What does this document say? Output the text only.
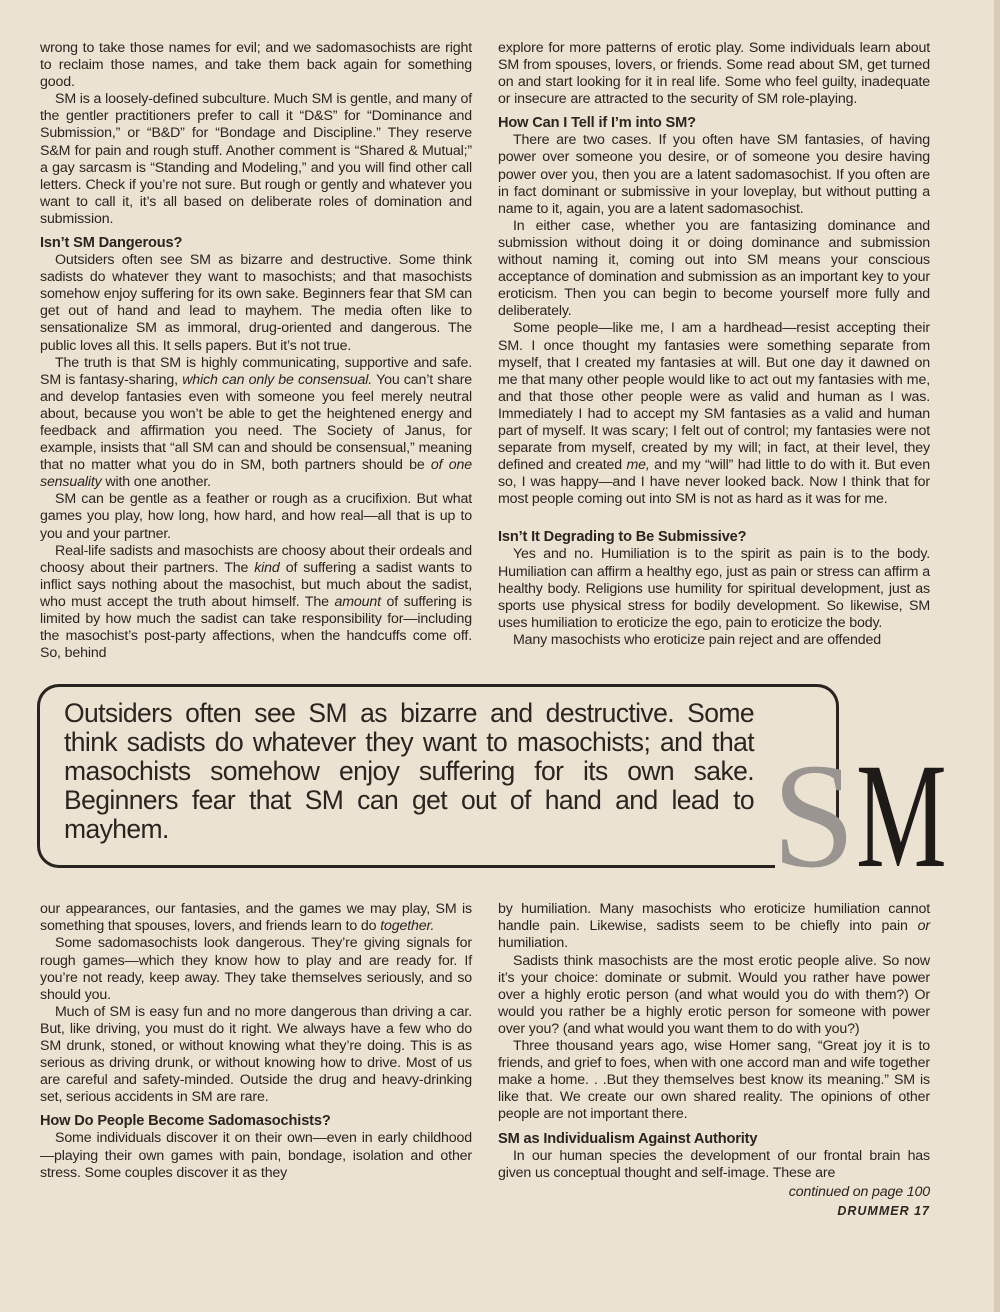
wrong to take those names for evil; and we sadomasochists are right to reclaim those names, and take them back again for something good.

SM is a loosely-defined subculture. Much SM is gentle, and many of the gentler practitioners prefer to call it “D&S” for “Dominance and Submission,” or “B&D” for “Bondage and Discipline.” They reserve S&M for pain and rough stuff. Another comment is “Shared & Mutual;” a gay sarcasm is “Standing and Modeling,” and you will find other call letters. Check if you’re not sure. But rough or gently and whatever you want to call it, it’s all based on deliberate roles of domination and submission.

Isn’t SM Dangerous?

Outsiders often see SM as bizarre and destructive. Some think sadists do whatever they want to masochists; and that masochists somehow enjoy suffering for its own sake. Beginners fear that SM can get out of hand and lead to mayhem. The media often like to sensationalize SM as immoral, drug-oriented and dangerous. The public loves all this. It sells papers. But it’s not true.

The truth is that SM is highly communicating, supportive and safe. SM is fantasy-sharing, which can only be consensual. You can’t share and develop fantasies even with someone you feel merely neutral about, because you won’t be able to get the heightened energy and feedback and affirmation you need. The Society of Janus, for example, insists that “all SM can and should be consensual,” meaning that no matter what you do in SM, both partners should be of one sensuality with one another.

SM can be gentle as a feather or rough as a crucifixion. But what games you play, how long, how hard, and how real—all that is up to you and your partner.

Real-life sadists and masochists are choosy about their ordeals and choosy about their partners. The kind of suffering a sadist wants to inflict says nothing about the masochist, but much about the sadist, who must accept the truth about himself. The amount of suffering is limited by how much the sadist can take responsibility for—including the masochist’s post-party affections, when the handcuffs come off. So, behind

explore for more patterns of erotic play. Some individuals learn about SM from spouses, lovers, or friends. Some read about SM, get turned on and start looking for it in real life. Some who feel guilty, inadequate or insecure are attracted to the security of SM role-playing.

How Can I Tell if I’m into SM?

There are two cases. If you often have SM fantasies, of having power over someone you desire, or of someone you desire having power over you, then you are a latent sadomasochist. If you often are in fact dominant or submissive in your loveplay, but without putting a name to it, again, you are a latent sadomasochist.

In either case, whether you are fantasizing dominance and submission without doing it or doing dominance and submission without naming it, coming out into SM means your conscious acceptance of domination and submission as an important key to your eroticism. Then you can begin to become yourself more fully and deliberately.

Some people—like me, I am a hardhead—resist accepting their SM. I once thought my fantasies were something separate from myself, that I created my fantasies at will. But one day it dawned on me that many other people would like to act out my fantasies with me, and that those other people were as valid and human as I was. Immediately I had to accept my SM fantasies as a valid and human part of myself. It was scary; I felt out of control; my fantasies were not separate from myself, created by my will; in fact, at their level, they defined and created me, and my “will” had little to do with it. But even so, I was happy—and I have never looked back. Now I think that for most people coming out into SM is not as hard as it was for me.

Isn’t It Degrading to Be Submissive?

Yes and no. Humiliation is to the spirit as pain is to the body. Humiliation can affirm a healthy ego, just as pain or stress can affirm a healthy body. Religions use humility for spiritual development, just as sports use physical stress for bodily development. So likewise, SM uses humiliation to eroticize the ego, pain to eroticize the body.

Many masochists who eroticize pain reject and are offended

Outsiders often see SM as bizarre and destructive. Some think sadists do whatever they want to masochists; and that masochists somehow enjoy suffering for its own sake. Beginners fear that SM can get out of hand and lead to mayhem.	S M

our appearances, our fantasies, and the games we may play, SM is something that spouses, lovers, and friends learn to do together.

Some sadomasochists look dangerous. They’re giving signals for rough games—which they know how to play and are ready for. If you’re not ready, keep away. They take themselves seriously, and so should you.

Much of SM is easy fun and no more dangerous than driving a car. But, like driving, you must do it right. We always have a few who do SM drunk, stoned, or without knowing what they’re doing. This is as serious as driving drunk, or without knowing how to drive. Most of us are careful and safety-minded. Outside the drug and heavy-drinking set, serious accidents in SM are rare.

How Do People Become Sadomasochists?

Some individuals discover it on their own—even in early childhood—playing their own games with pain, bondage, isolation and other stress. Some couples discover it as they

by humiliation. Many masochists who eroticize humiliation cannot handle pain. Likewise, sadists seem to be chiefly into pain or humiliation.

Sadists think masochists are the most erotic people alive. So now it’s your choice: dominate or submit. Would you rather have power over a highly erotic person (and what would you do with them?) Or would you rather be a highly erotic person for someone with power over you? (and what would you want them to do with you?)

Three thousand years ago, wise Homer sang, “Great joy it is to friends, and grief to foes, when with one accord man and wife together make a home. . .But they themselves best know its meaning.” SM is like that. We create our own shared reality. The opinions of other people are not important there.

SM as Individualism Against Authority

In our human species the development of our frontal brain has given us conceptual thought and self-image. These are

continued on page 100
DRUMMER 17
